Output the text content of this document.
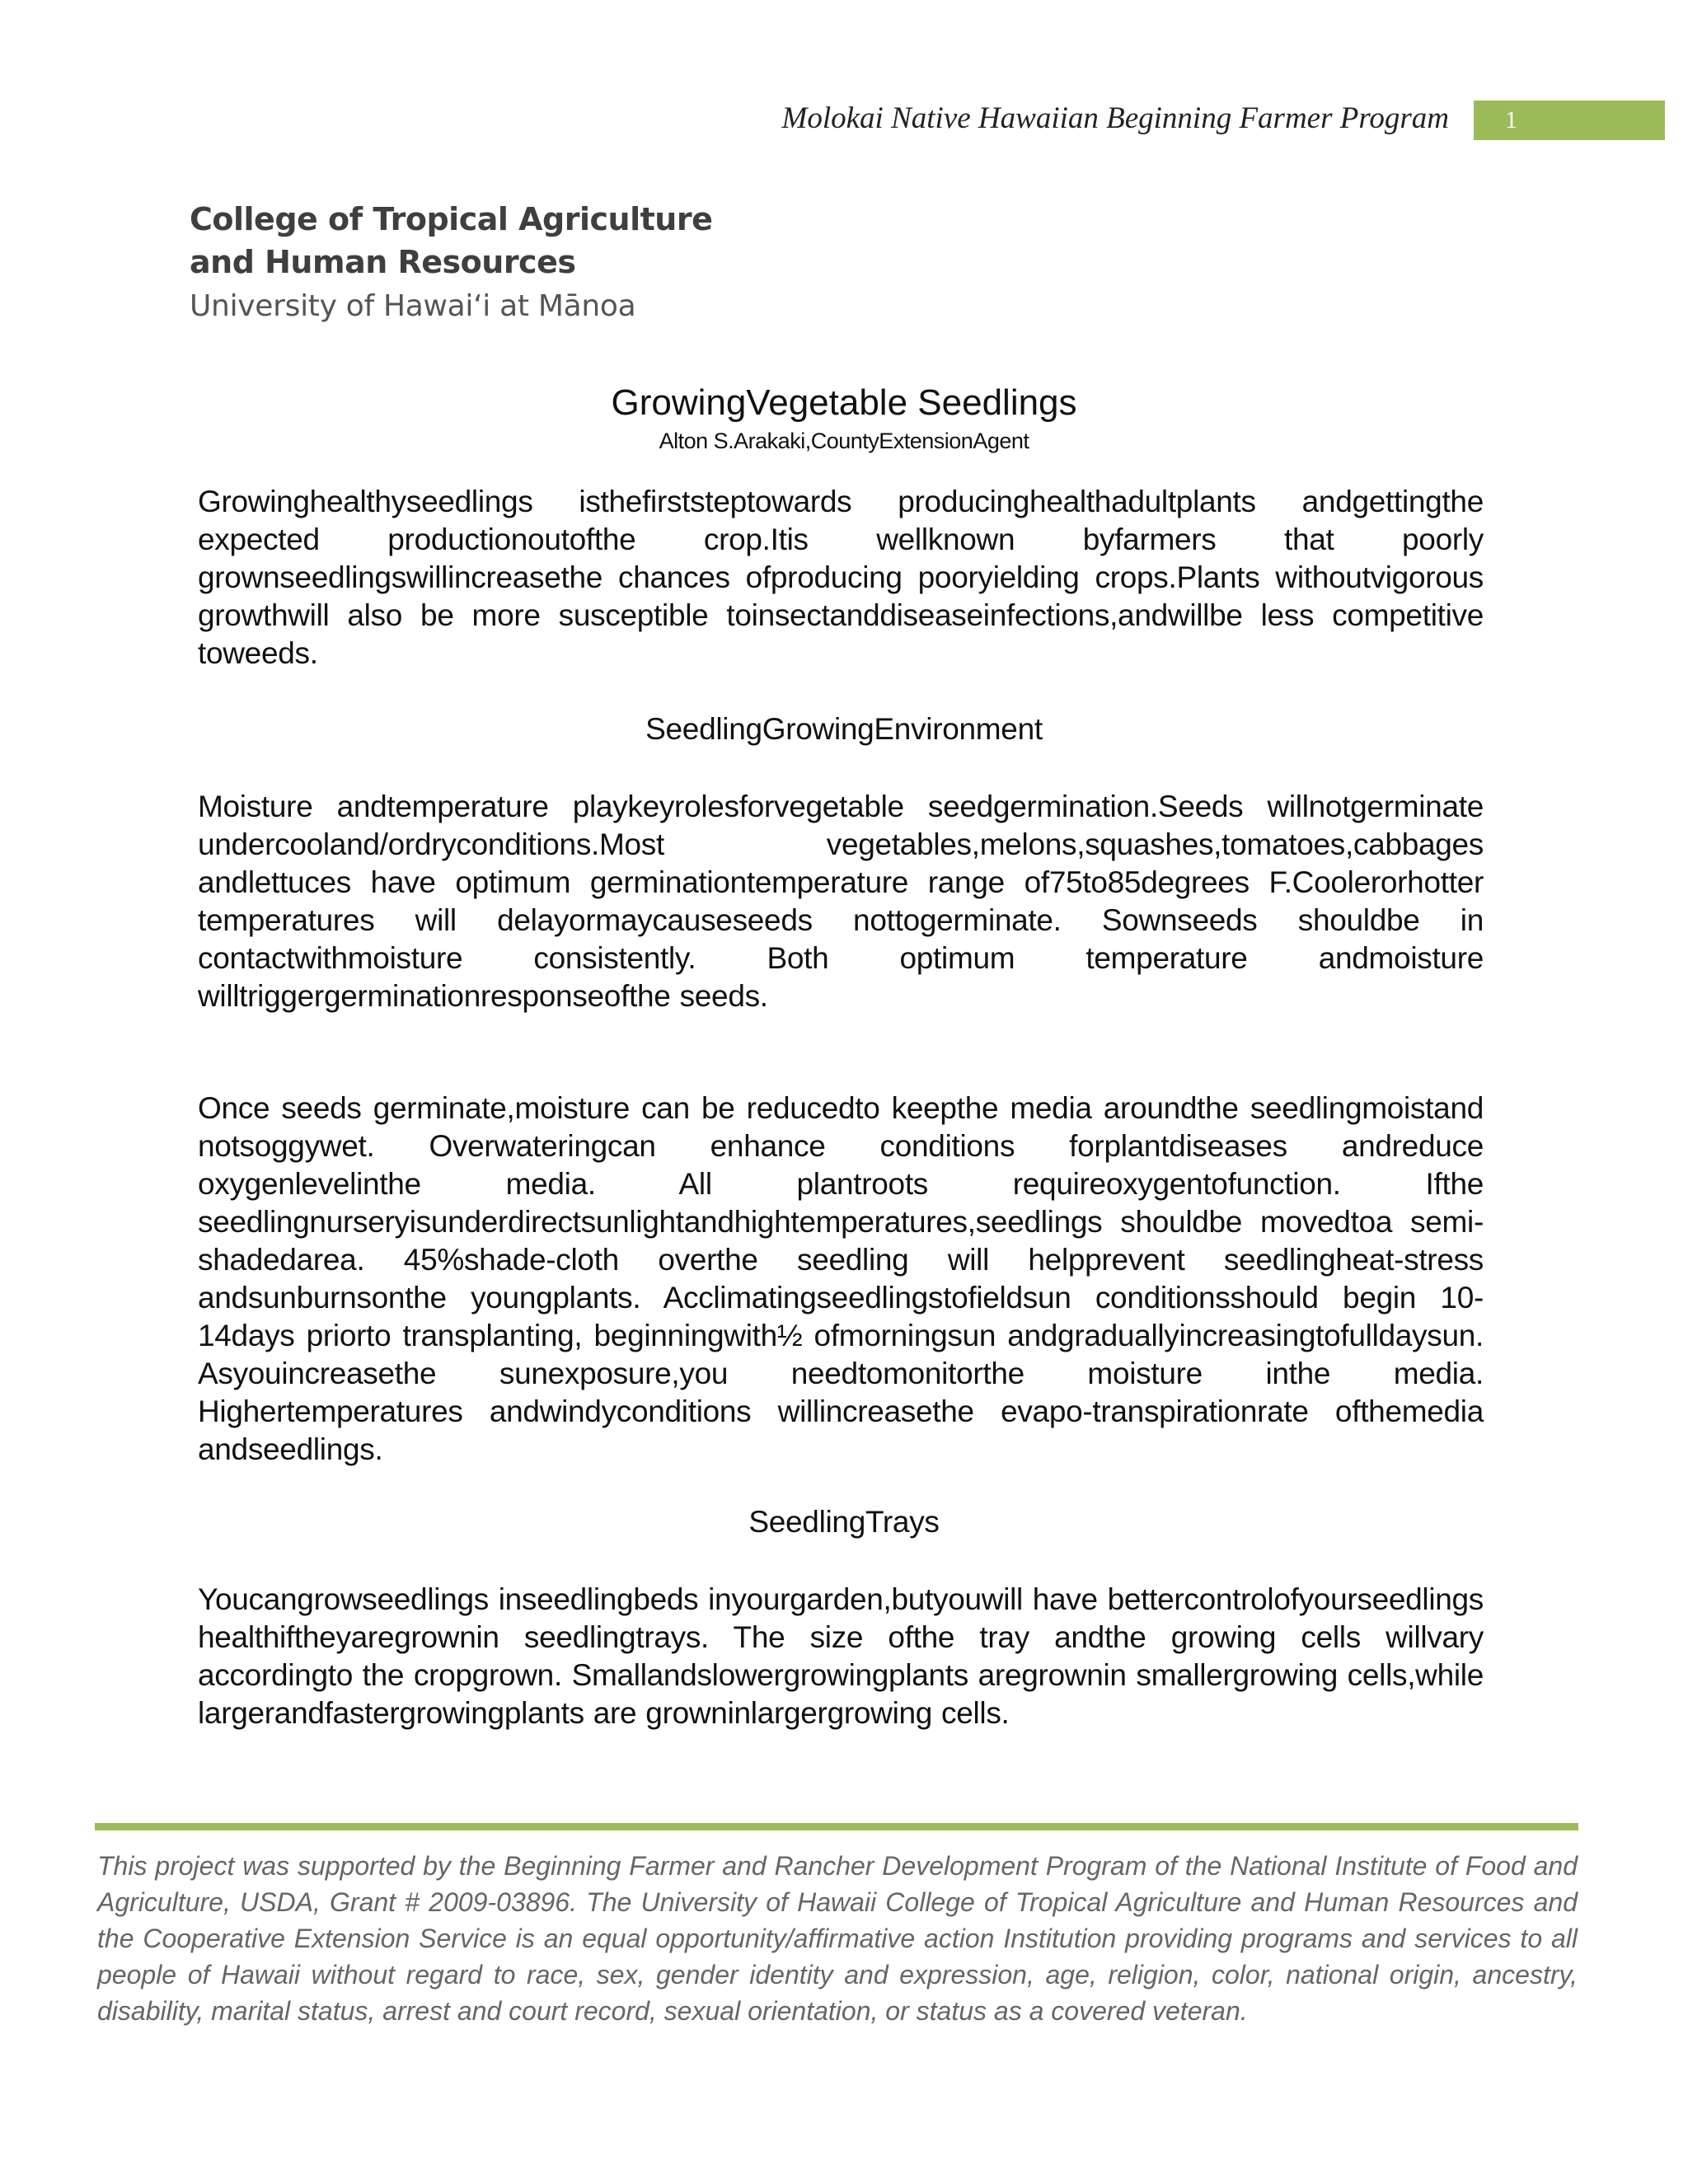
Molokai Native Hawaiian Beginning Farmer Program	1
College of Tropical Agriculture
and Human Resources
University of Hawai‘i at Mānoa
GrowingVegetable Seedlings
Alton S.Arakaki,CountyExtensionAgent
Growinghealthyseedlings isthefirststeptowards producinghealthadultplants andgettingthe expected productionoutofthe crop.Itis wellknown byfarmers that poorly grownseedlingswillincreasethe chances ofproducing pooryielding crops.Plants withoutvigorous growthwill also be more susceptible toinsectanddiseaseinfections,andwillbe less competitive toweeds.
SeedlingGrowingEnvironment
Moisture andtemperature playkeyrolesforvegetable seedgermination.Seeds willnotgerminate undercooland/ordryconditions.Most vegetables,melons,squashes,tomatoes,cabbages andlettuces have optimum germinationtemperature range of75to85degrees F.Coolerorhotter temperatures will delayormaycauseseeds nottogerminate. Sownseeds shouldbe in contactwithmoisture consistently. Both optimum temperature andmoisture willtriggergerminationresponseofthe seeds.
Once seeds germinate,moisture can be reducedto keepthe media aroundthe seedlingmoistand notsoggywet. Overwateringcan enhance conditions forplantdiseases andreduce oxygenlevelinthe media. All plantroots requireoxygentofunction. Ifthe seedlingnurseryisunderdirectsunlightandhightemperatures,seedlings shouldbe movedtoa semi-shadedarea. 45%shade-cloth overthe seedling will helpprevent seedlingheat-stress andsunburnsonthe youngplants. Acclimatingseedlingstofieldsun conditionsshould begin 10-14days priorto transplanting, beginningwith½ ofmorningsun andgraduallyincreasingtofulldaysun. Asyouincreasethe sunexposure,you needtomonitorthe moisture inthe media. Highertemperatures andwindyconditions willincreasethe evapo-transpirationrate ofthemedia andseedlings.
SeedlingTrays
Youcangrowseedlings inseedlingbeds inyourgarden,butyouwill have bettercontrolofyourseedlings healthiftheyaregrownin seedlingtrays. The size ofthe tray andthe growing cells willvary accordingto the cropgrown. Smallandslowergrowingplants aregrownin smallergrowing cells,while largerandfastergrowingplants are growninlargergrowing cells.
This project was supported by the Beginning Farmer and Rancher Development Program of the National Institute of Food and Agriculture, USDA, Grant # 2009-03896. The University of Hawaii College of Tropical Agriculture and Human Resources and the Cooperative Extension Service is an equal opportunity/affirmative action Institution providing programs and services to all people of Hawaii without regard to race, sex, gender identity and expression, age, religion, color, national origin, ancestry, disability, marital status, arrest and court record, sexual orientation, or status as a covered veteran.
